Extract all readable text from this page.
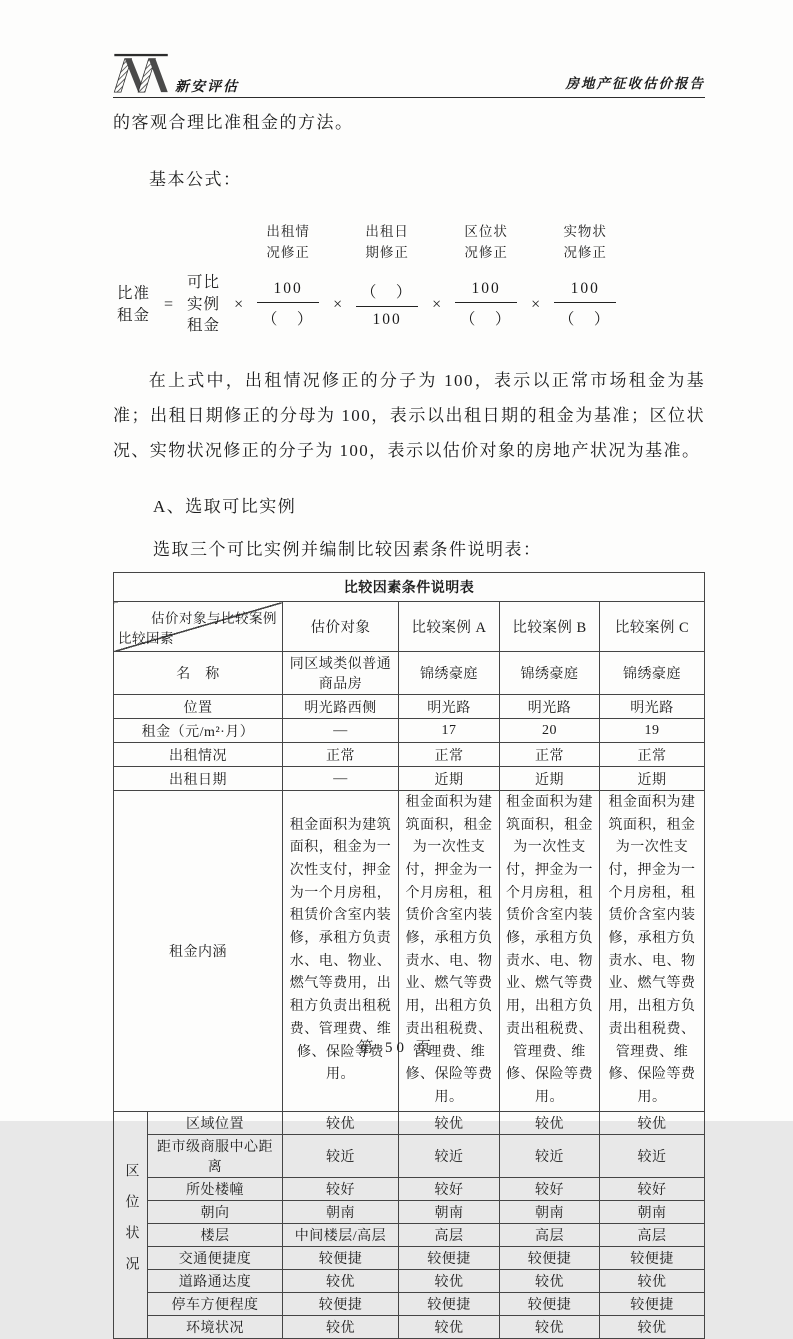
新安评估	房地产征收估价报告
的客观合理比准租金的方法。
基本公式：
比准
租金
=
可比
实例
租金
×
出租情
况修正
$\frac{100}{( )}$ ×
出租日
期修正
$\frac{( )}{100}$ ×
区位状
况修正
$\frac{100}{( )}$ ×
实物状
况修正
$\frac{100}{( )}$

在上式中，出租情况修正的分子为 100，表示以正常市场租金为基准；出租日期修正的分母为 100，表示以出租日期的租金为基准；区位状况、实物状况修正的分子为 100，表示以估价对象的房地产状况为基准。

A、选取可比实例
选取三个可比实例并编制比较因素条件说明表：
比较因素条件说明表					

估价对象与比较案例
比较因素		估价对象	比较案例 A	比较案例 B	比较案例 C
名　称		同区域类似普通商品房	锦绣豪庭	锦绣豪庭	锦绣豪庭
位置		明光路西侧	明光路	明光路	明光路
租金（元/m²·月）		—	17	20	19
出租情况		正常	正常	正常	正常
出租日期		—	近期	近期	近期
租金内涵		租金面积为建筑面积，租金为一次性支付，押金为一个月房租，租赁价含室内装修，承租方负责水、电、物业、燃气等费用，出租方负责出租税费、管理费、维修、保险等费用。	租金面积为建筑面积，租金为一次性支付，押金为一个月房租，租赁价含室内装修，承租方负责水、电、物业、燃气等费用，出租方负责出租税费、管理费、维修、保险等费用。	租金面积为建筑面积，租金为一次性支付，押金为一个月房租，租赁价含室内装修，承租方负责水、电、物业、燃气等费用，出租方负责出租税费、管理费、维修、保险等费用。	租金面积为建筑面积，租金为一次性支付，押金为一个月房租，租赁价含室内装修，承租方负责水、电、物业、燃气等费用，出租方负责出租税费、管理费、维修、保险等费用。

区位状况	区域位置	较优	较优	较优	较优
	距市级商服中心距离	较近	较近	较近	较近
	所处楼幢	较好	较好	较好	较好
	朝向	朝南	朝南	朝南	朝南
	楼层	中间楼层/高层	高层	高层	高层
	交通便捷度	较便捷	较便捷	较便捷	较便捷
	道路通达度	较优	较优	较优	较优
	停车方便程度	较便捷	较便捷	较便捷	较便捷
	环境状况	较优	较优	较优	较优
第 50 页
